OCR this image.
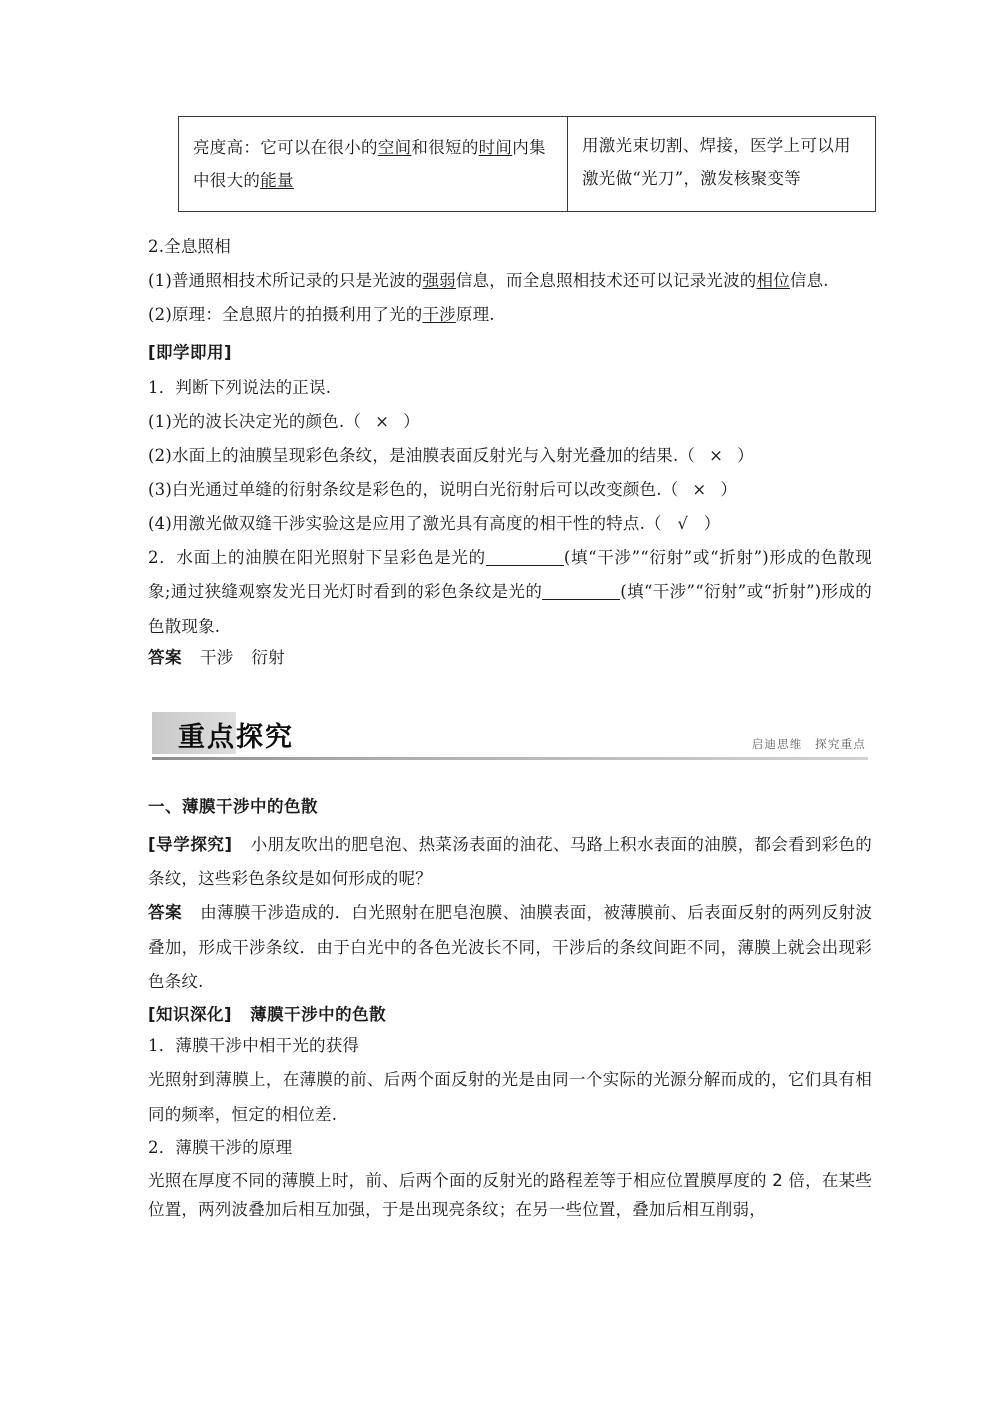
亮度高：它可以在很小的空间和很短的时间内集中很大的能量	用激光束切割、焊接，医学上可以用激光做“光刀”，激发核聚变等

2.全息照相

(1)普通照相技术所记录的只是光波的强弱信息，而全息照相技术还可以记录光波的相位信息.

(2)原理：全息照片的拍摄利用了光的干涉原理.

[即学即用]

1．判断下列说法的正误.

(1)光的波长决定光的颜色.（ × ）

(2)水面上的油膜呈现彩色条纹，是油膜表面反射光与入射光叠加的结果.（ × ）

(3)白光通过单缝的衍射条纹是彩色的，说明白光衍射后可以改变颜色.（ × ）

(4)用激光做双缝干涉实验这是应用了激光具有高度的相干性的特点.（ √ ）

2．水面上的油膜在阳光照射下呈彩色是光的	(填“干涉”“衍射”或“折射”)形成的色散现象;通过狭缝观察发光日光灯时看到的彩色条纹是光的	(填“干涉”“衍射”或“折射”)形成的色散现象.

答案 干涉 衍射

重点探究	启迪思维　探究重点

一、薄膜干涉中的色散

[导学探究] 小朋友吹出的肥皂泡、热菜汤表面的油花、马路上积水表面的油膜，都会看到彩色的条纹，这些彩色条纹是如何形成的呢？

答案 由薄膜干涉造成的．白光照射在肥皂泡膜、油膜表面，被薄膜前、后表面反射的两列反射波叠加，形成干涉条纹．由于白光中的各色光波长不同，干涉后的条纹间距不同，薄膜上就会出现彩色条纹.

[知识深化] 薄膜干涉中的色散

1．薄膜干涉中相干光的获得

光照射到薄膜上，在薄膜的前、后两个面反射的光是由同一个实际的光源分解而成的，它们具有相同的频率，恒定的相位差.

2．薄膜干涉的原理

光照在厚度不同的薄膜上时，前、后两个面的反射光的路程差等于相应位置膜厚度的 2 倍，在某些位置，两列波叠加后相互加强，于是出现亮条纹；在另一些位置，叠加后相互削弱，
